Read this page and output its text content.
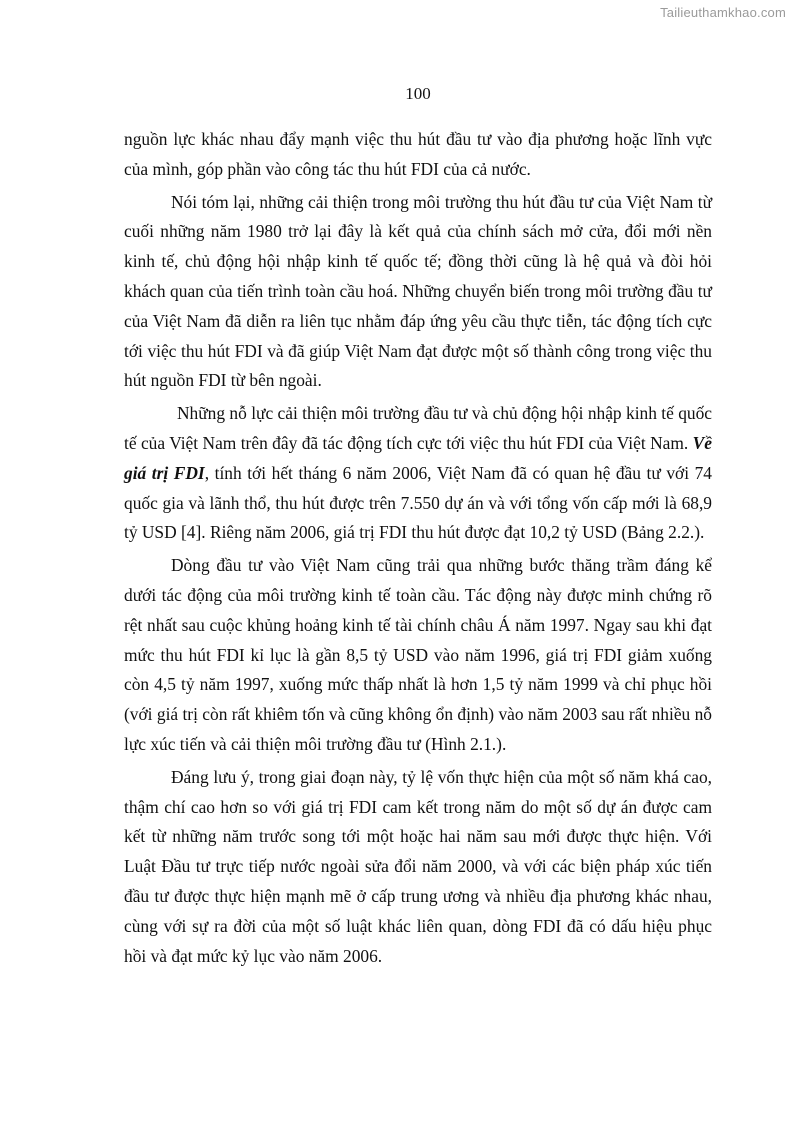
Tailieuthamkhao.com
100

nguồn lực khác nhau đẩy mạnh việc thu hút đầu tư vào địa phương hoặc lĩnh vực của mình, góp phần vào công tác thu hút FDI của cả nước.

Nói tóm lại, những cải thiện trong môi trường thu hút đầu tư của Việt Nam từ cuối những năm 1980 trở lại đây là kết quả của chính sách mở cửa, đổi mới nền kinh tế, chủ động hội nhập kinh tế quốc tế; đồng thời cũng là hệ quả và đòi hỏi khách quan của tiến trình toàn cầu hoá. Những chuyển biến trong môi trường đầu tư của Việt Nam đã diễn ra liên tục nhằm đáp ứng yêu cầu thực tiễn, tác động tích cực tới việc thu hút FDI và đã giúp Việt Nam đạt được một số thành công trong việc thu hút nguồn FDI từ bên ngoài.

Những nỗ lực cải thiện môi trường đầu tư và chủ động hội nhập kinh tế quốc tế của Việt Nam trên đây đã tác động tích cực tới việc thu hút FDI của Việt Nam. Về giá trị FDI, tính tới hết tháng 6 năm 2006, Việt Nam đã có quan hệ đầu tư với 74 quốc gia và lãnh thổ, thu hút được trên 7.550 dự án và với tổng vốn cấp mới là 68,9 tỷ USD [4]. Riêng năm 2006, giá trị FDI thu hút được đạt 10,2 tỷ USD (Bảng 2.2.).

Dòng đầu tư vào Việt Nam cũng trải qua những bước thăng trầm đáng kể dưới tác động của môi trường kinh tế toàn cầu. Tác động này được minh chứng rõ rệt nhất sau cuộc khủng hoảng kinh tế tài chính châu Á năm 1997. Ngay sau khi đạt mức thu hút FDI kỉ lục là gần 8,5 tỷ USD vào năm 1996, giá trị FDI giảm xuống còn 4,5 tỷ năm 1997, xuống mức thấp nhất là hơn 1,5 tỷ năm 1999 và chỉ phục hồi (với giá trị còn rất khiêm tốn và cũng không ổn định) vào năm 2003 sau rất nhiều nỗ lực xúc tiến và cải thiện môi trường đầu tư (Hình 2.1.).

Đáng lưu ý, trong giai đoạn này, tỷ lệ vốn thực hiện của một số năm khá cao, thậm chí cao hơn so với giá trị FDI cam kết trong năm do một số dự án được cam kết từ những năm trước song tới một hoặc hai năm sau mới được thực hiện. Với Luật Đầu tư trực tiếp nước ngoài sửa đổi năm 2000, và với các biện pháp xúc tiến đầu tư được thực hiện mạnh mẽ ở cấp trung ương và nhiều địa phương khác nhau, cùng với sự ra đời của một số luật khác liên quan, dòng FDI đã có dấu hiệu phục hồi và đạt mức kỷ lục vào năm 2006.
